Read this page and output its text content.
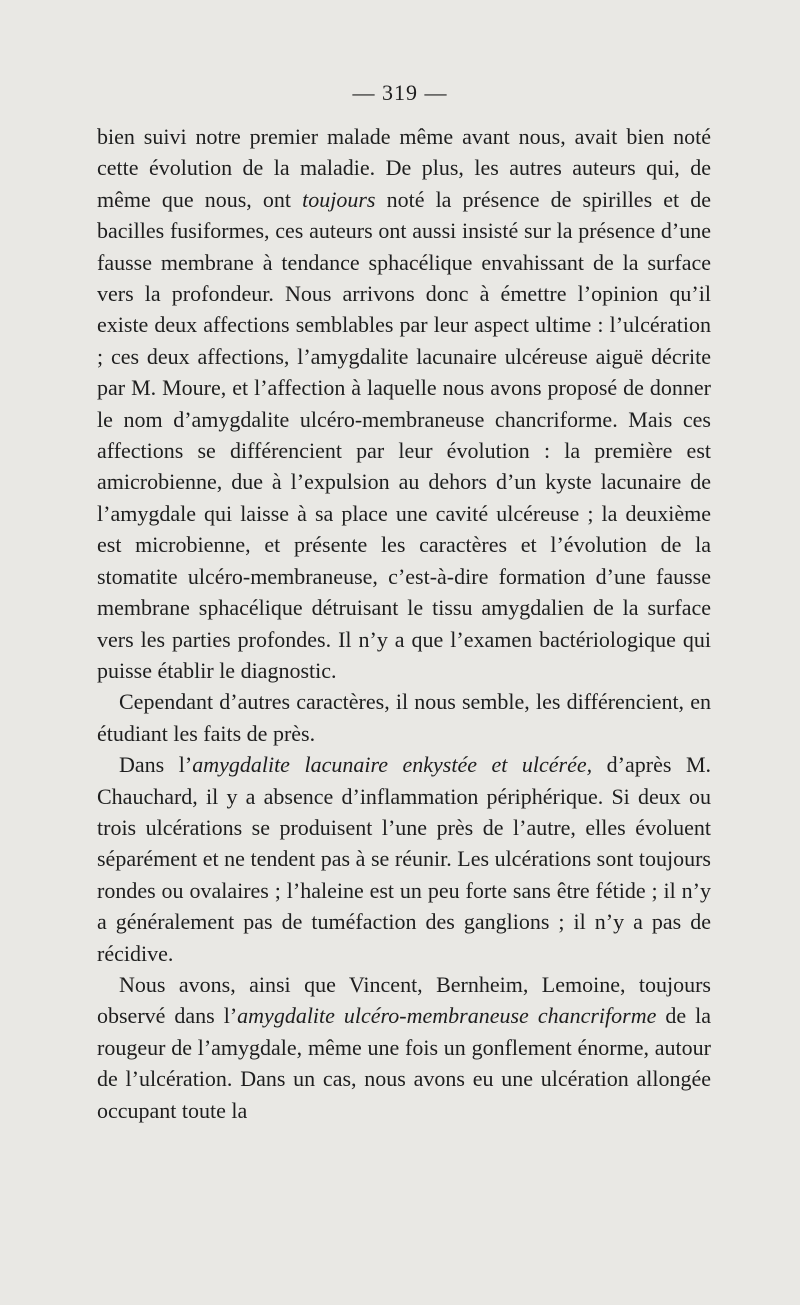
— 319 —

bien suivi notre premier malade même avant nous, avait bien noté cette évolution de la maladie. De plus, les autres auteurs qui, de même que nous, ont toujours noté la présence de spirilles et de bacilles fusiformes, ces auteurs ont aussi insisté sur la présence d’une fausse membrane à tendance sphacélique envahissant de la surface vers la profondeur. Nous arrivons donc à émettre l’opinion qu’il existe deux affections semblables par leur aspect ultime : l’ulcération ; ces deux affections, l’amygdalite lacunaire ulcéreuse aiguë décrite par M. Moure, et l’affection à laquelle nous avons proposé de donner le nom d’amygdalite ulcéro-membraneuse chancriforme. Mais ces affections se différencient par leur évolution : la première est amicrobienne, due à l’expulsion au dehors d’un kyste lacunaire de l’amygdale qui laisse à sa place une cavité ulcéreuse ; la deuxième est microbienne, et présente les caractères et l’évolution de la stomatite ulcéro-membraneuse, c’est-à-dire formation d’une fausse membrane sphacélique détruisant le tissu amygdalien de la surface vers les parties profondes. Il n’y a que l’examen bactériologique qui puisse établir le diagnostic.

Cependant d’autres caractères, il nous semble, les différencient, en étudiant les faits de près.

Dans l’amygdalite lacunaire enkystée et ulcérée, d’après M. Chauchard, il y a absence d’inflammation périphérique. Si deux ou trois ulcérations se produisent l’une près de l’autre, elles évoluent séparément et ne tendent pas à se réunir. Les ulcérations sont toujours rondes ou ovalaires ; l’haleine est un peu forte sans être fétide ; il n’y a généralement pas de tuméfaction des ganglions ; il n’y a pas de récidive.

Nous avons, ainsi que Vincent, Bernheim, Lemoine, toujours observé dans l’amygdalite ulcéro-membraneuse chancriforme de la rougeur de l’amygdale, même une fois un gonflement énorme, autour de l’ulcération. Dans un cas, nous avons eu une ulcération allongée occupant toute la
